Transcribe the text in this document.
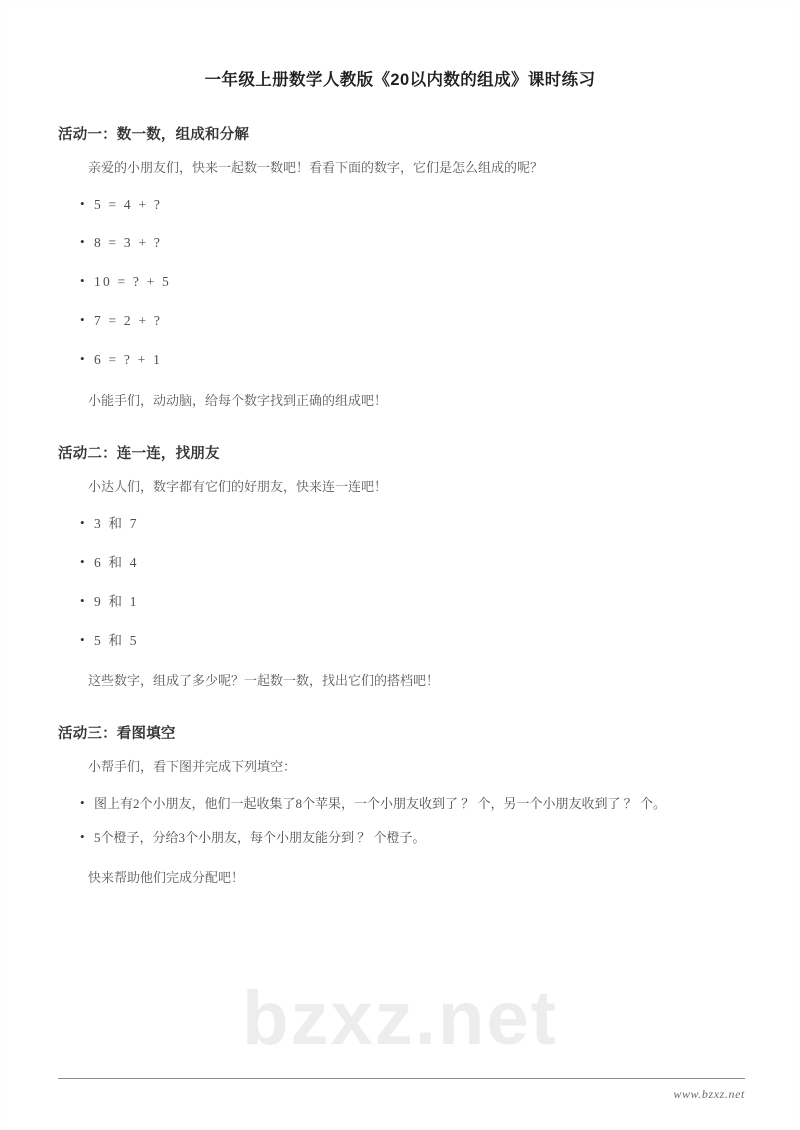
bzxz.net
一年级上册数学人教版《20以内数的组成》课时练习
活动一：数一数，组成和分解

亲爱的小朋友们，快来一起数一数吧！看看下面的数字，它们是怎么组成的呢？

• 5 = 4 + ?
• 8 = 3 + ?
• 10 = ? + 5
• 7 = 2 + ?
• 6 = ? + 1

小能手们，动动脑，给每个数字找到正确的组成吧！

活动二：连一连，找朋友

小达人们，数字都有它们的好朋友，快来连一连吧！

• 3 和 7
• 6 和 4
• 9 和 1
• 5 和 5

这些数字，组成了多少呢？一起数一数，找出它们的搭档吧！

活动三：看图填空

小帮手们，看下图并完成下列填空：

• 图上有2个小朋友，他们一起收集了8个苹果，一个小朋友收到了 ？ 个，另一个小朋友收到了 ？ 个。
• 5个橙子，分给3个小朋友，每个小朋友能分到 ？ 个橙子。

快来帮助他们完成分配吧！

www.bzxz.net
